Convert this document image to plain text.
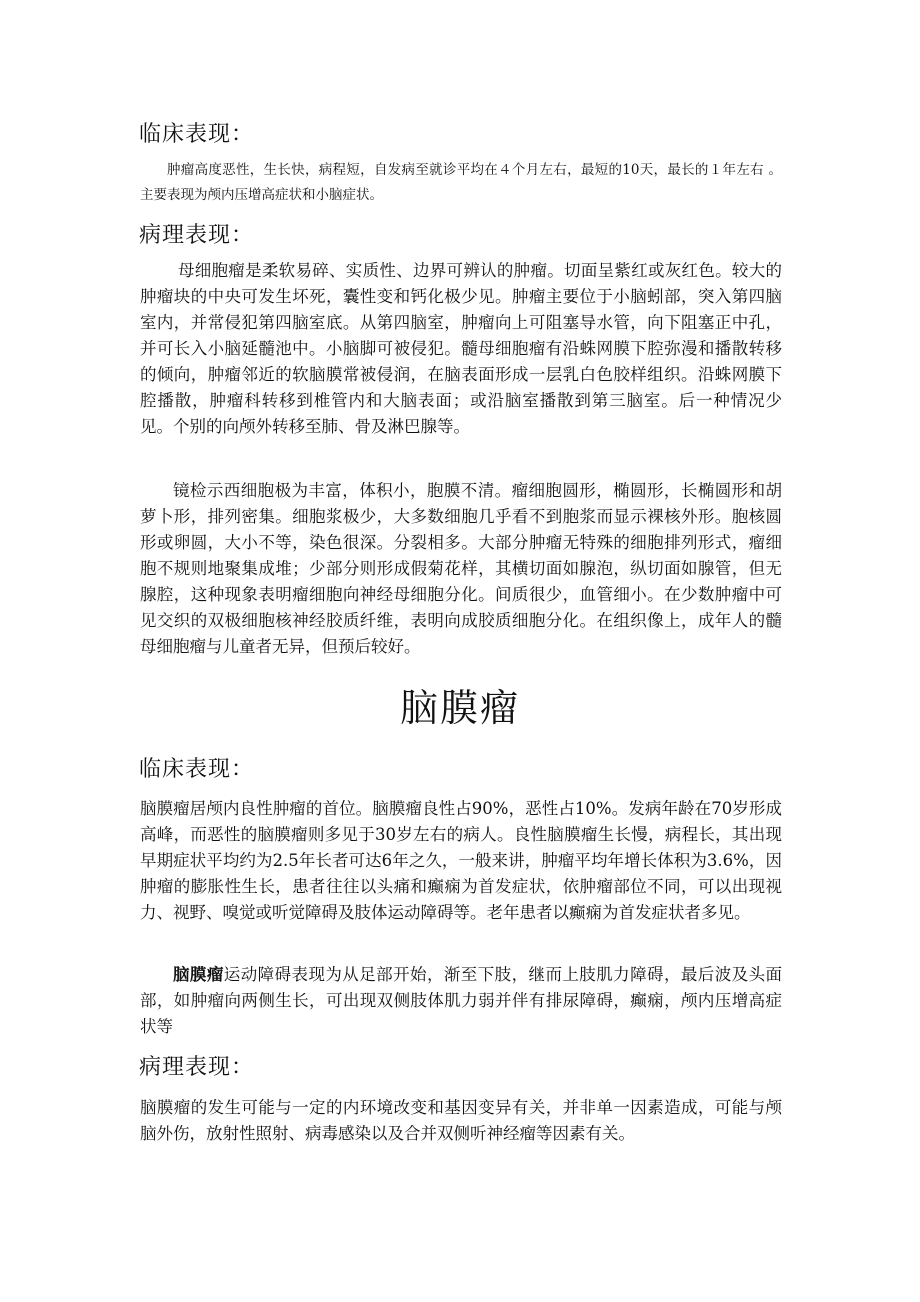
临床表现：

肿瘤高度恶性，生长快，病程短，自发病至就诊平均在４个月左右，最短的10天，最长的１年左右 。主要表现为颅内压增高症状和小脑症状。

病理表现：

母细胞瘤是柔软易碎、实质性、边界可辨认的肿瘤。切面呈紫红或灰红色。较大的肿瘤块的中央可发生坏死，囊性变和钙化极少见。肿瘤主要位于小脑蚓部，突入第四脑室内，并常侵犯第四脑室底。从第四脑室，肿瘤向上可阻塞导水管，向下阻塞正中孔，并可长入小脑延髓池中。小脑脚可被侵犯。髓母细胞瘤有沿蛛网膜下腔弥漫和播散转移的倾向，肿瘤邻近的软脑膜常被侵润，在脑表面形成一层乳白色胶样组织。沿蛛网膜下腔播散，肿瘤科转移到椎管内和大脑表面；或沿脑室播散到第三脑室。后一种情况少见。个别的向颅外转移至肺、骨及淋巴腺等。

镜检示西细胞极为丰富，体积小，胞膜不清。瘤细胞圆形，椭圆形，长椭圆形和胡萝卜形，排列密集。细胞浆极少，大多数细胞几乎看不到胞浆而显示裸核外形。胞核圆形或卵圆，大小不等，染色很深。分裂相多。大部分肿瘤无特殊的细胞排列形式，瘤细胞不规则地聚集成堆；少部分则形成假菊花样，其横切面如腺泡，纵切面如腺管，但无腺腔，这种现象表明瘤细胞向神经母细胞分化。间质很少，血管细小。在少数肿瘤中可见交织的双极细胞核神经胶质纤维，表明向成胶质细胞分化。在组织像上，成年人的髓母细胞瘤与儿童者无异，但预后较好。

脑膜瘤
临床表现：

脑膜瘤居颅内良性肿瘤的首位。脑膜瘤良性占90%，恶性占10%。发病年龄在70岁形成高峰，而恶性的脑膜瘤则多见于30岁左右的病人。良性脑膜瘤生长慢，病程长，其出现早期症状平均约为2.5年长者可达6年之久，一般来讲，肿瘤平均年增长体积为3.6%，因肿瘤的膨胀性生长，患者往往以头痛和癫痫为首发症状，依肿瘤部位不同，可以出现视力、视野、嗅觉或听觉障碍及肢体运动障碍等。老年患者以癫痫为首发症状者多见。

脑膜瘤运动障碍表现为从足部开始，渐至下肢，继而上肢肌力障碍，最后波及头面部，如肿瘤向两侧生长，可出现双侧肢体肌力弱并伴有排尿障碍，癫痫，颅内压增高症状等

病理表现：

脑膜瘤的发生可能与一定的内环境改变和基因变异有关，并非单一因素造成，可能与颅脑外伤，放射性照射、病毒感染以及合并双侧听神经瘤等因素有关。
